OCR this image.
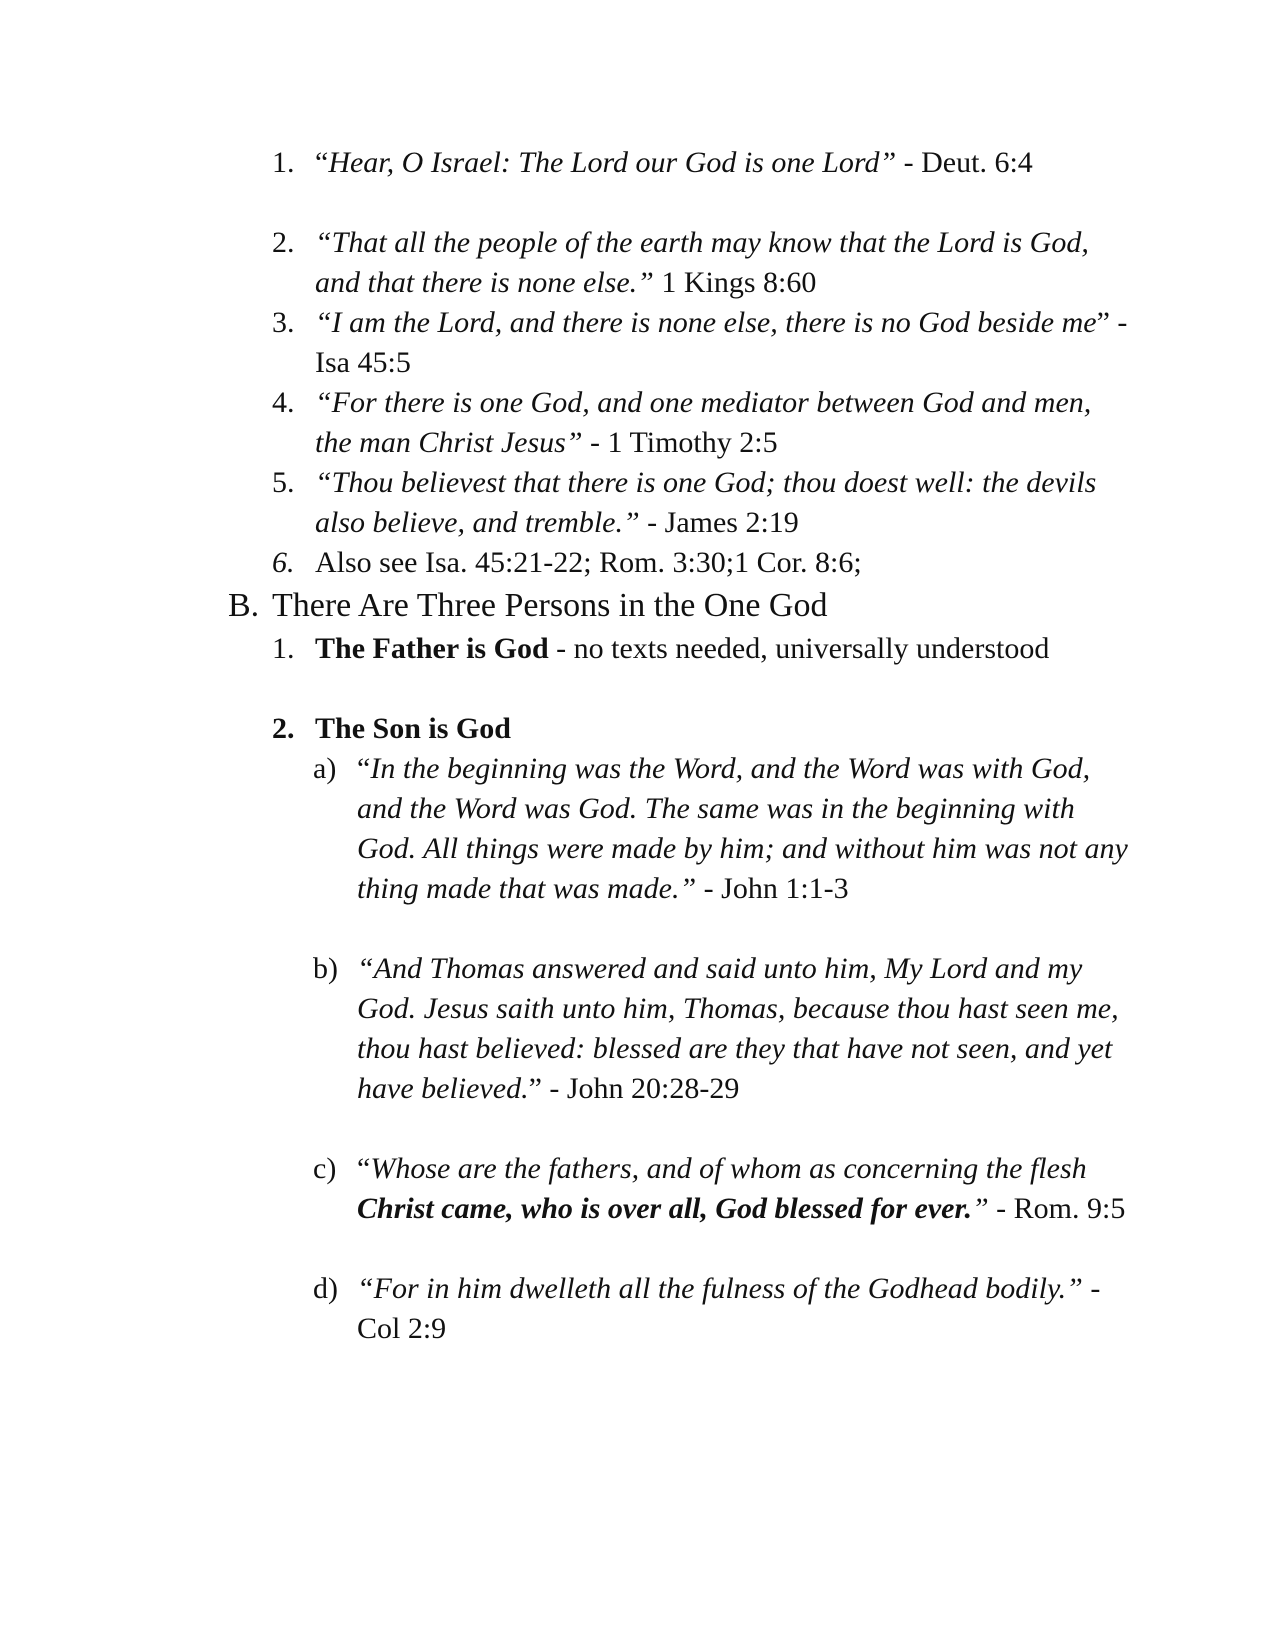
1. “Hear, O Israel: The Lord our God is one Lord” - Deut. 6:4
2. “That all the people of the earth may know that the Lord is God, and that there is none else.” 1 Kings 8:60
3. “I am the Lord, and there is none else, there is no God beside me” - Isa 45:5
4. “For there is one God, and one mediator between God and men, the man Christ Jesus” - 1 Timothy 2:5
5. “Thou believest that there is one God; thou doest well: the devils also believe, and tremble.” - James 2:19
6. Also see Isa. 45:21-22; Rom. 3:30;1 Cor. 8:6;
B. There Are Three Persons in the One God
1. The Father is God - no texts needed, universally understood
2. The Son is God
a) “In the beginning was the Word, and the Word was with God, and the Word was God. The same was in the beginning with God. All things were made by him; and without him was not any thing made that was made.” - John 1:1-3
b) “And Thomas answered and said unto him, My Lord and my God. Jesus saith unto him, Thomas, because thou hast seen me, thou hast believed: blessed are they that have not seen, and yet have believed.” - John 20:28-29
c) “Whose are the fathers, and of whom as concerning the flesh Christ came, who is over all, God blessed for ever.” - Rom. 9:5
d) “For in him dwelleth all the fulness of the Godhead bodily.” - Col 2:9
